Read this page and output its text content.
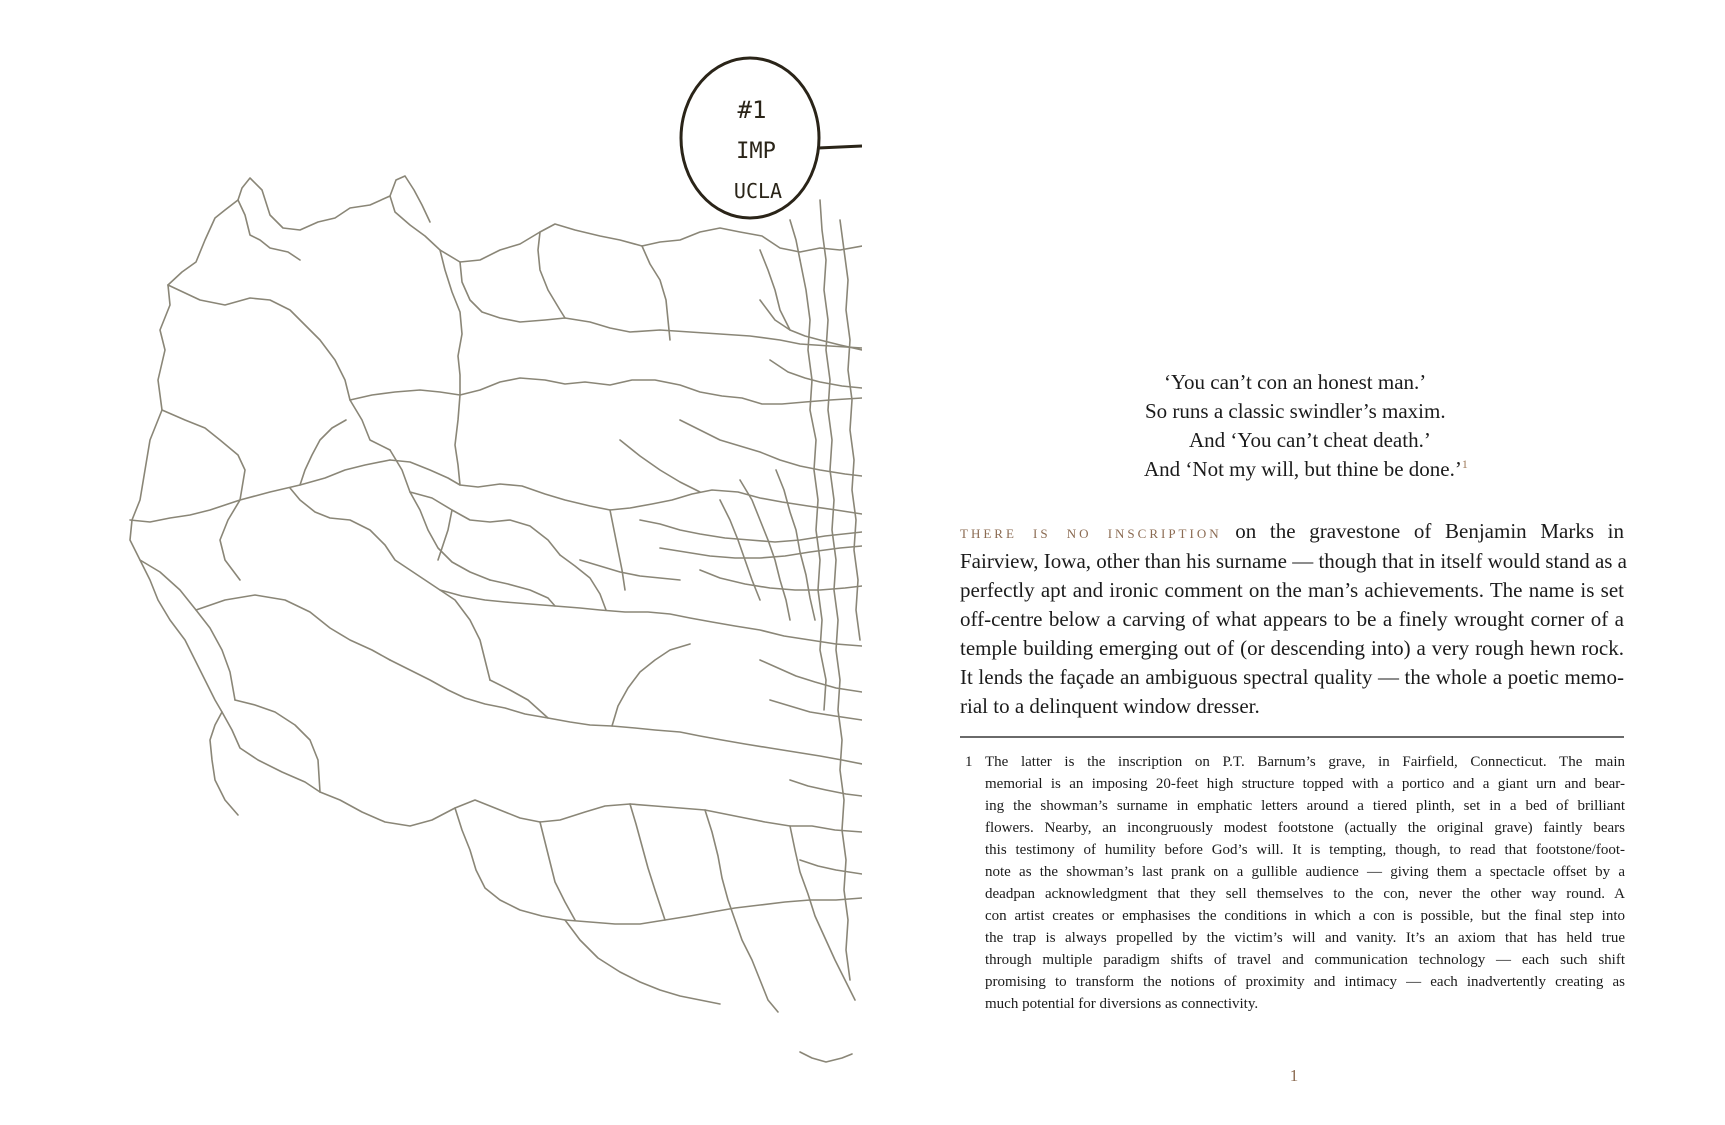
#1
IMP
UCLA
‘You can’t con an honest man.’
So runs a classic swindler’s maxim.
And ‘You can’t cheat death.’
And ‘Not my will, but thine be done.’$^1$
there is no inscription on the gravestone of Benjamin Marks in
Fairview, Iowa, other than his surname — though that in itself would stand as a
perfectly apt and ironic comment on the man’s achievements. The name is set
off-centre below a carving of what appears to be a finely wrought corner of a
temple building emerging out of (or descending into) a very rough hewn rock.
It lends the façade an ambiguous spectral quality — the whole a poetic memo-
rial to a delinquent window dresser.
1 The latter is the inscription on P.T. Barnum’s grave, in Fairfield, Connecticut. The main
memorial is an imposing 20-feet high structure topped with a portico and a giant urn and bear-
ing the showman’s surname in emphatic letters around a tiered plinth, set in a bed of brilliant
flowers. Nearby, an incongruously modest footstone (actually the original grave) faintly bears
this testimony of humility before God’s will. It is tempting, though, to read that footstone/foot-
note as the showman’s last prank on a gullible audience — giving them a spectacle offset by a
deadpan acknowledgment that they sell themselves to the con, never the other way round. A
con artist creates or emphasises the conditions in which a con is possible, but the final step into
the trap is always propelled by the victim’s will and vanity. It’s an axiom that has held true
through multiple paradigm shifts of travel and communication technology — each such shift
promising to transform the notions of proximity and intimacy — each inadvertently creating as
much potential for diversions as connectivity.
1
